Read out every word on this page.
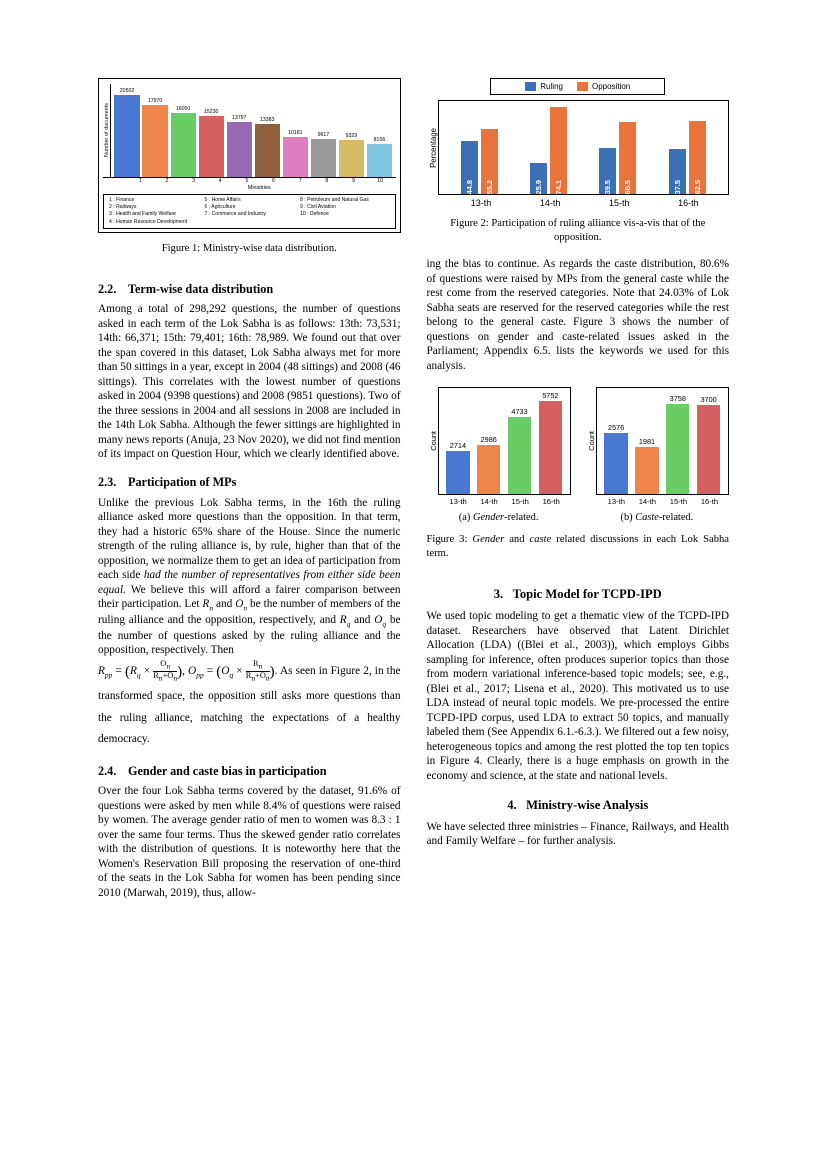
Number of documents
20502
17970
16050
15230
13797	13383
10181	9617	9329
8156
1	2	3	4	5	6	7	8	9	10
Ministries
1 : Finance
2 : Railways
3 : Health and Family Welfare
4 : Human Resource Development
5 : Home Affairs
6 : Agriculture
7 : Commerce and Industry
8 : Petroleum and Natural Gas
9 : Civil Aviation
10 : Defence
Figure 1: Ministry-wise data distribution.
2.2. Term-wise data distribution

Among a total of 298,292 questions, the number of questions asked in each term of the Lok Sabha is as follows: 13th: 73,531; 14th: 66,371; 15th: 79,401; 16th: 78,989. We found out that over the span covered in this dataset, Lok Sabha always met for more than 50 sittings in a year, except in 2004 (48 sittings) and 2008 (46 sittings). This correlates with the lowest number of questions asked in 2004 (9398 questions) and 2008 (9851 questions). Two of the three sessions in 2004 and all sessions in 2008 are included in the 14th Lok Sabha. Although the fewer sittings are highlighted in many news reports (Anuja, 23 Nov 2020), we did not find mention of its impact on Question Hour, which we clearly identified above.

2.3. Participation of MPs

Unlike the previous Lok Sabha terms, in the 16th the ruling alliance asked more questions than the opposition. In that term, they had a historic 65% share of the House. Since the numeric strength of the ruling alliance is, by rule, higher than that of the opposition, we normalize them to get an idea of participation from each side had the number of representatives from either side been equal. We believe this will afford a fairer comparison between their participation. Let $R_n$ and $O_n$ be the number of members of the ruling alliance and the opposition, respectively, and $R_q$ and $O_q$ be the number of questions asked by the ruling alliance and the opposition, respectively. Then

$R_{pp} = (R_q \times \frac{O_n}{R_n+O_n}$ ), $O_{pp} = (O_q \times \frac{R_n}{R_n+O_n}$ ). As seen in Figure 2, in the transformed space, the opposition still asks more questions than the ruling alliance, matching the expectations of a healthy democracy.

2.4. Gender and caste bias in participation

Over the four Lok Sabha terms covered by the dataset, 91.6% of questions were asked by men while 8.4% of questions were raised by women. The average gender ratio of men to women was 8.3 : 1 over the same four terms. Thus the skewed gender ratio correlates with the distribution of questions. It is noteworthy here that the Women's Reservation Bill proposing the reservation of one-third of the seats in the Lok Sabha for women has been pending since 2010 (Marwah, 2019), thus, allow-

Ruling	Opposition
Percentage
44.8 55.2	25.9 74.1	39.5 60.5	37.5 62.5
13-th	14-th	15-th	16-th
Figure 2: Participation of ruling alliance vis-a-vis that of the opposition.

ing the bias to continue. As regards the caste distribution, 80.6% of questions were raised by MPs from the general caste while the rest come from the reserved categories. Note that 24.03% of Lok Sabha seats are reserved for the reserved categories while the rest belong to the general caste. Figure 3 shows the number of questions on gender and caste-related issues asked in the Parliament; Appendix 6.5. lists the keywords we used for this analysis.

Count 2714
2986
4733
5752
13-th	14-th	15-th	16-th
(a) Gender-related.
Count
2576
1981
3758 3700
13-th	14-th	15-th	16-th
(b) Caste-related.
Figure 3: Gender and caste related discussions in each Lok Sabha term.
3. Topic Model for TCPD-IPD

We used topic modeling to get a thematic view of the TCPD-IPD dataset. Researchers have observed that Latent Dirichlet Allocation (LDA) ((Blei et al., 2003)), which employs Gibbs sampling for inference, often produces superior topics than those from modern variational inference-based topic models; see, e.g., (Blei et al., 2017; Lisena et al., 2020). This motivated us to use LDA instead of neural topic models. We pre-processed the entire TCPD-IPD corpus, used LDA to extract 50 topics, and manually labeled them (See Appendix 6.1.-6.3.). We filtered out a few noisy, heterogeneous topics and among the rest plotted the top ten topics in Figure 4. Clearly, there is a huge emphasis on growth in the economy and science, at the state and national levels.

4. Ministry-wise Analysis

We have selected three ministries – Finance, Railways, and Health and Family Welfare – for further analysis.
